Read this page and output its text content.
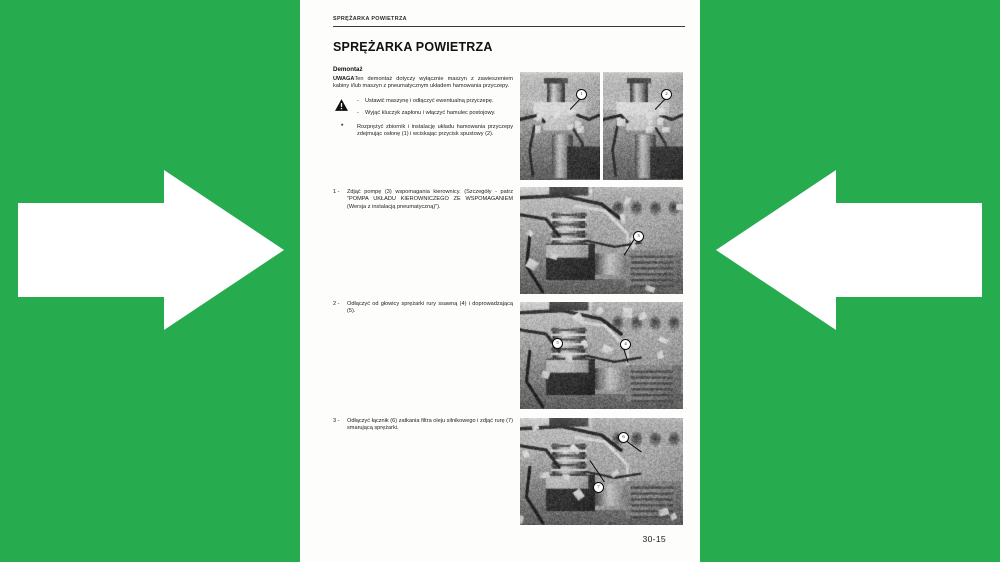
SPRĘŻARKA POWIETRZA
SPRĘŻARKA POWIETRZA
Demontaż
UWAGATen demontaż dotyczy wyłącznie maszyn z zawieszeniem kabiny i/lub maszyn z pneumatycznym układem hamowania przyczepy.
- Ustawić maszynę i odłączyć ewentualną przyczepę.
- Wyjąć kluczyk zapłonu i włączyć hamulec postojowy.
*	Rozprężyć zbiornik i instalację układu hamowania przyczepy zdejmując osłonę (1) i wciskając przycisk spustowy (2).
1 -	Zdjąć pompę (3) wspomagania kierownicy. (Szczegóły - patrz "POMPA UKŁADU KIEROWNICZEGO ZE WSPOMAGANIEM (Wersja z instalacją pneumatyczną)").
2 -	Odłączyć od głowicy sprężarki rury ssawną (4) i doprowadzającą (5).
3 -	Odłączyć łącznik (6) zatkania filtra oleju silnikowego i zdjąć rurę (7) smarującą sprężarki.
1	2
3
5	4
6
7
30-15
